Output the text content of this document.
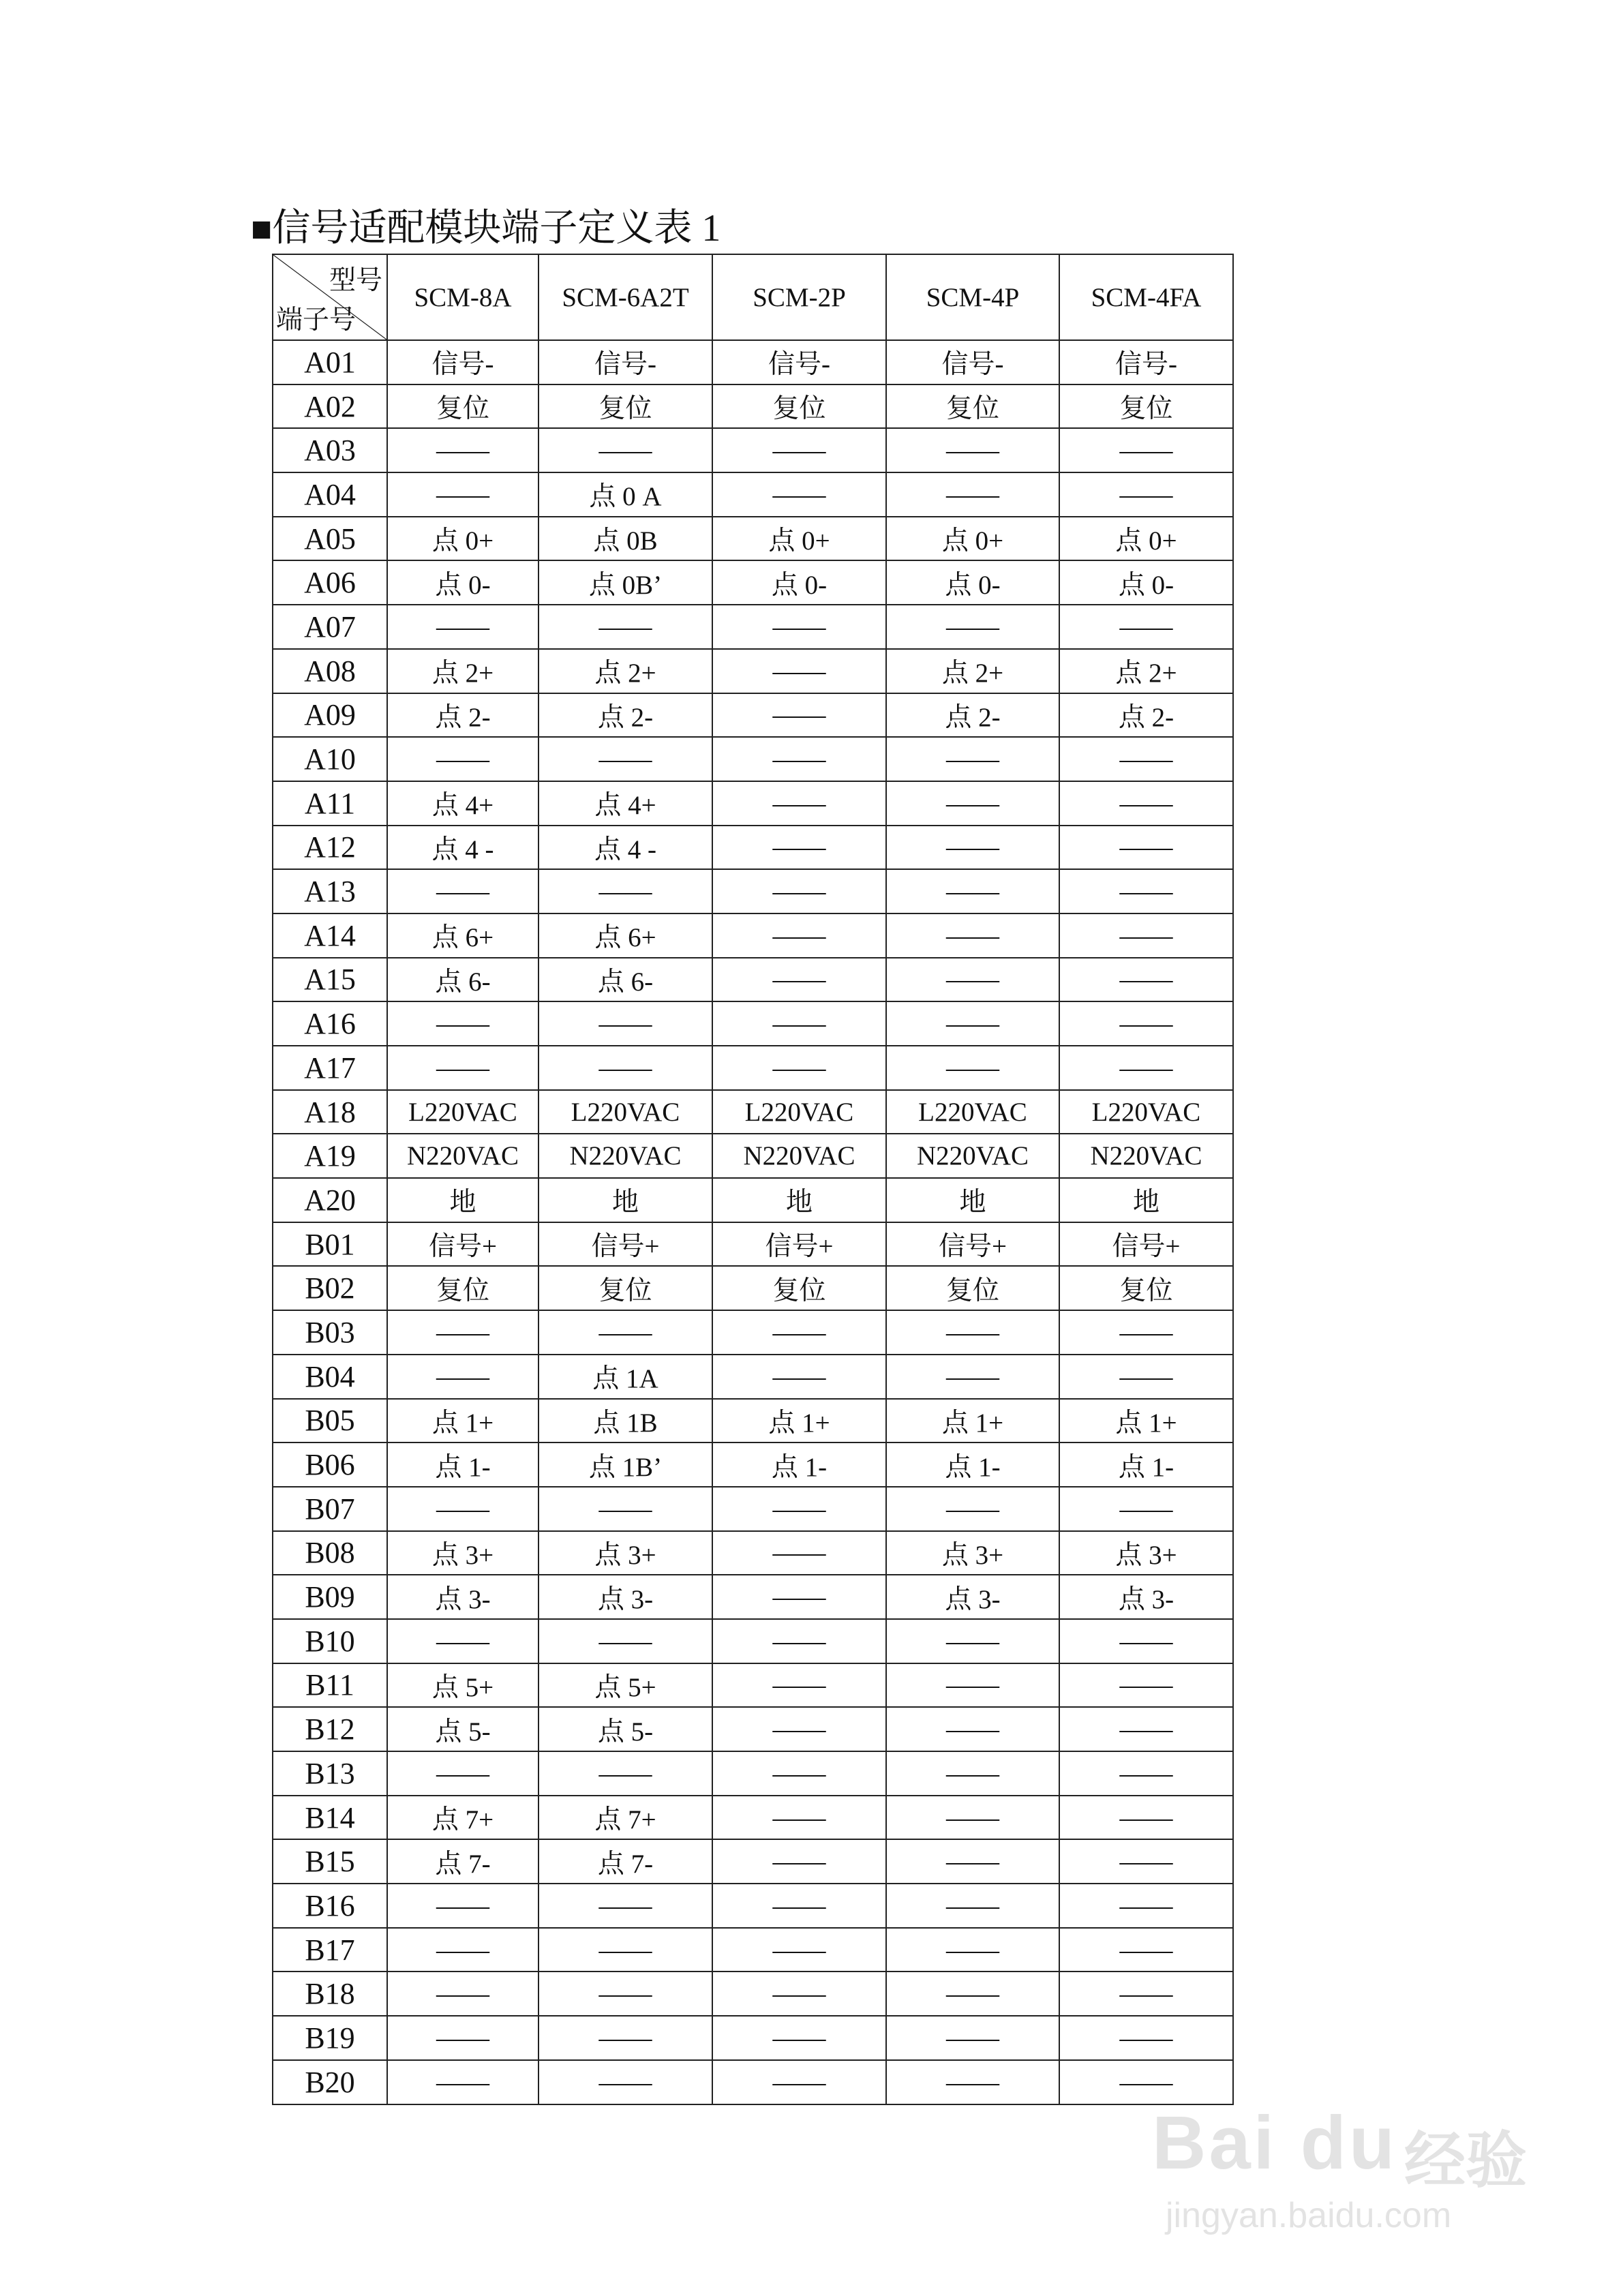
■信号适配模块端子定义表 1
型号
端子号	SCM-8A	SCM-6A2T	SCM-2P	SCM-4P	SCM-4FA
A01	信号-	信号-	信号-	信号-	信号-
A02	复位	复位	复位	复位	复位
A03	——	——	——	——	——
A04	——	点 0 A	——	——	——
A05	点 0+	点 0B	点 0+	点 0+	点 0+
A06	点 0-	点 0B’	点 0-	点 0-	点 0-
A07	——	——	——	——	——
A08	点 2+	点 2+	——	点 2+	点 2+
A09	点 2-	点 2-	——	点 2-	点 2-
A10	——	——	——	——	——
A11	点 4+	点 4+	——	——	——
A12	点 4 -	点 4 -	——	——	——
A13	——	——	——	——	——
A14	点 6+	点 6+	——	——	——
A15	点 6-	点 6-	——	——	——
A16	——	——	——	——	——
A17	——	——	——	——	——
A18	L220VAC	L220VAC	L220VAC	L220VAC	L220VAC
A19	N220VAC	N220VAC	N220VAC	N220VAC	N220VAC
A20	地	地	地	地	地
B01	信号+	信号+	信号+	信号+	信号+
B02	复位	复位	复位	复位	复位
B03	——	——	——	——	——
B04	——	点 1A	——	——	——
B05	点 1+	点 1B	点 1+	点 1+	点 1+
B06	点 1-	点 1B’	点 1-	点 1-	点 1-
B07	——	——	——	——	——
B08	点 3+	点 3+	——	点 3+	点 3+
B09	点 3-	点 3-	——	点 3-	点 3-
B10	——	——	——	——	——
B11	点 5+	点 5+	——	——	——
B12	点 5-	点 5-	——	——	——
B13	——	——	——	——	——
B14	点 7+	点 7+	——	——	——
B15	点 7-	点 7-	——	——	——
B16	——	——	——	——	——
B17	——	——	——	——	——
B18	——	——	——	——	——
B19	——	——	——	——	——
B20	——	——	——	——	——
Bai du 经验
jingyan.baidu.com
